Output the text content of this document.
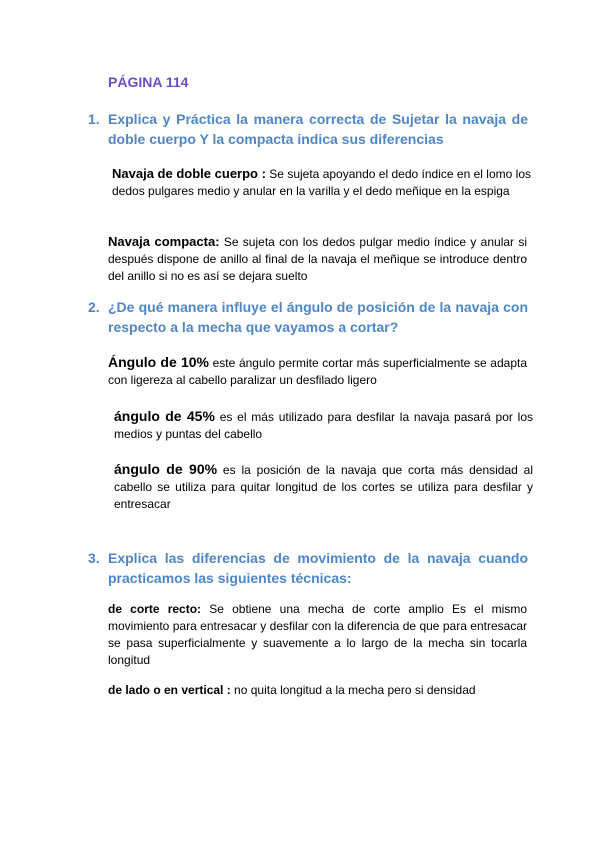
PÁGINA 114
1. Explica y Práctica la manera correcta de Sujetar la navaja de doble cuerpo Y la compacta indica sus diferencias

Navaja de doble cuerpo : Se sujeta apoyando el dedo índice en el lomo los dedos pulgares medio y anular en la varilla y el dedo meñique en la espiga

Navaja compacta: Se sujeta con los dedos pulgar medio índice y anular si después dispone de anillo al final de la navaja el meñique se introduce dentro del anillo si no es así se dejara suelto

2. ¿De qué manera influye el ángulo de posición de la navaja con respecto a la mecha que vayamos a cortar?

Ángulo de 10% este ángulo permite cortar más superficialmente se adapta con ligereza al cabello paralizar un desfilado ligero

ángulo de 45% es el más utilizado para desfilar la navaja pasará por los medios y puntas del cabello

ángulo de 90% es la posición de la navaja que corta más densidad al cabello se utiliza para quitar longitud de los cortes se utiliza para desfilar y entresacar

3. Explica las diferencias de movimiento de la navaja cuando practicamos las siguientes técnicas:

de corte recto: Se obtiene una mecha de corte amplio Es el mismo movimiento para entresacar y desfilar con la diferencia de que para entresacar se pasa superficialmente y suavemente a lo largo de la mecha sin tocarla longitud

de lado o en vertical : no quita longitud a la mecha pero si densidad
